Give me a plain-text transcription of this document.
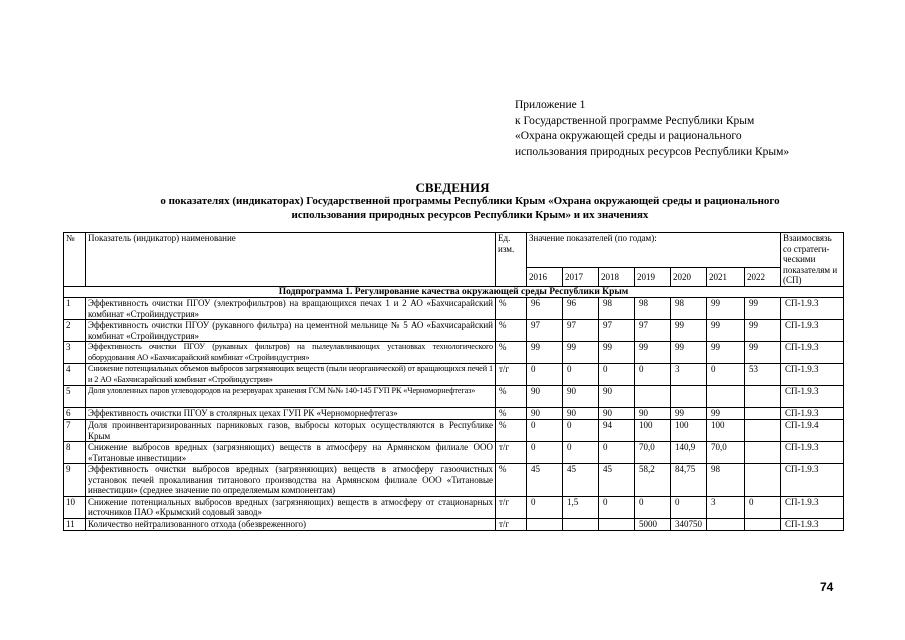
Приложение 1
к Государственной программе Республики Крым
«Охрана окружающей среды и рационального
использования природных ресурсов Республики Крым»
СВЕДЕНИЯ
о показателях (индикаторах) Государственной программы Республики Крым «Охрана окружающей среды и рационального использования природных ресурсов Республики Крым» и их значениях
№	Показатель (индикатор) наименование	Ед. изм.	Значение показателей (по годам):							Взаимосвязь со стратеги- ческими показателям и (СП)
			2016	2017	2018	2019	2020	2021	2022	
Подпрограмма 1. Регулирование качества окружающей среды Республики Крым										
1	Эффективность очистки ПГОУ (электрофильтров) на вращающихся печах 1 и 2 АО «Бахчисарайский комбинат «Стройиндустрия»	%	96	96	98	98	98	99	99	СП-1.9.3
2	Эффективность очистки ПГОУ (рукавного фильтра) на цементной мельнице № 5 АО «Бахчисарайский комбинат «Стройиндустрия»	%	97	97	97	97	99	99	99	СП-1.9.3
3	Эффективность очистки ПГОУ (рукавных фильтров) на пылеулавливающих установках технологического оборудования АО «Бахчисарайский комбинат «Стройиндустрия»	%	99	99	99	99	99	99	99	СП-1.9.3
4	Снижение потенциальных объемов выбросов загрязняющих веществ (пыли неорганической) от вращающихся печей 1 и 2 АО «Бахчисарайский комбинат «Стройиндустрия»	т/г	0	0	0	0	3	0	53	СП-1.9.3
5	Доля уловленных паров углеводородов на резервуарах хранения ГСМ №№ 140-145 ГУП РК «Черноморнефтегаз»	%	90	90	90					СП-1.9.3
6	Эффективность очистки ПГОУ в столярных цехах ГУП РК «Черноморнефтегаз»	%	90	90	90	90	99	99		СП-1.9.3
7	Доля проинвентаризированных парниковых газов, выбросы которых осуществляются в Республике Крым	%	0	0	94	100	100	100		СП-1.9.4
8	Снижение выбросов вредных (загрязняющих) веществ в атмосферу на Армянском филиале ООО «Титановые инвестиции»	т/г	0	0	0	70,0	140,9	70,0		СП-1.9.3
9	Эффективность очистки выбросов вредных (загрязняющих) веществ в атмосферу газоочистных установок печей прокаливания титанового производства на Армянском филиале ООО «Титановые инвестиции» (среднее значение по определяемым компонентам)	%	45	45	45	58,2	84,75	98		СП-1.9.3
10	Снижение потенциальных выбросов вредных (загрязняющих) веществ в атмосферу от стационарных источников ПАО «Крымский содовый завод»	т/г	0	1,5	0	0	0	3	0	СП-1.9.3
11	Количество нейтрализованного отхода (обезвреженного)	т/г				5000	340750			СП-1.9.3
74
